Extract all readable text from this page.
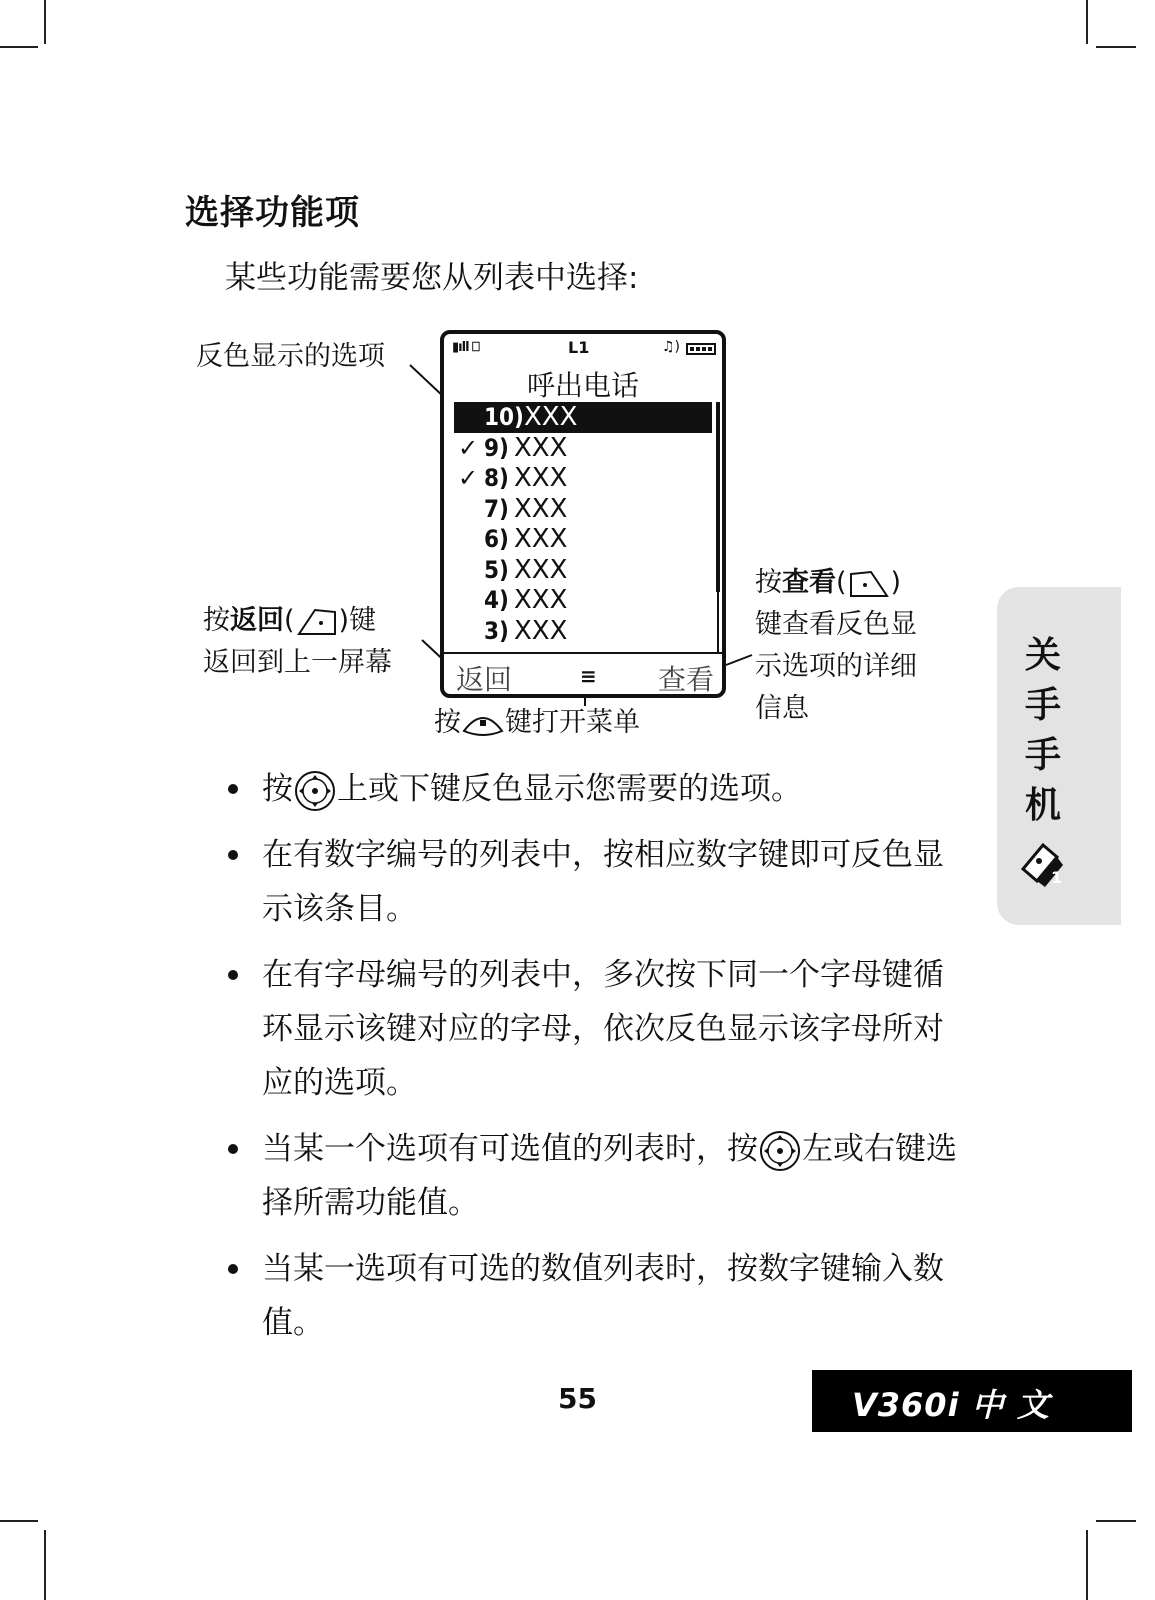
选择功能项
某些功能需要您从列表中选择:
反色显示的选项
按返回( )键
返回到上一屏幕
按查看( )
键查看反色显
示选项的详细
信息
按 键打开菜单
▮ıll ⎕	L1	♫)
呼出电话
10) XXX
✓ 9) XXX
✓ 8) XXX
7) XXX
6) XXX
5) XXX
4) XXX
3) XXX
返回	≡ 查看
按 上或下键反色显示您需要的选项。
在有数字编号的列表中，按相应数字键即可反色显示该条目。
在有字母编号的列表中，多次按下同一个字母键循环显示该键对应的字母，依次反色显示该字母所对应的选项。
当某一个选项有可选值的列表时，按 左或右键选择所需功能值。
当某一选项有可选的数值列表时，按数字键输入数值。
关
手
手
机
1
55	V360i 中 文
